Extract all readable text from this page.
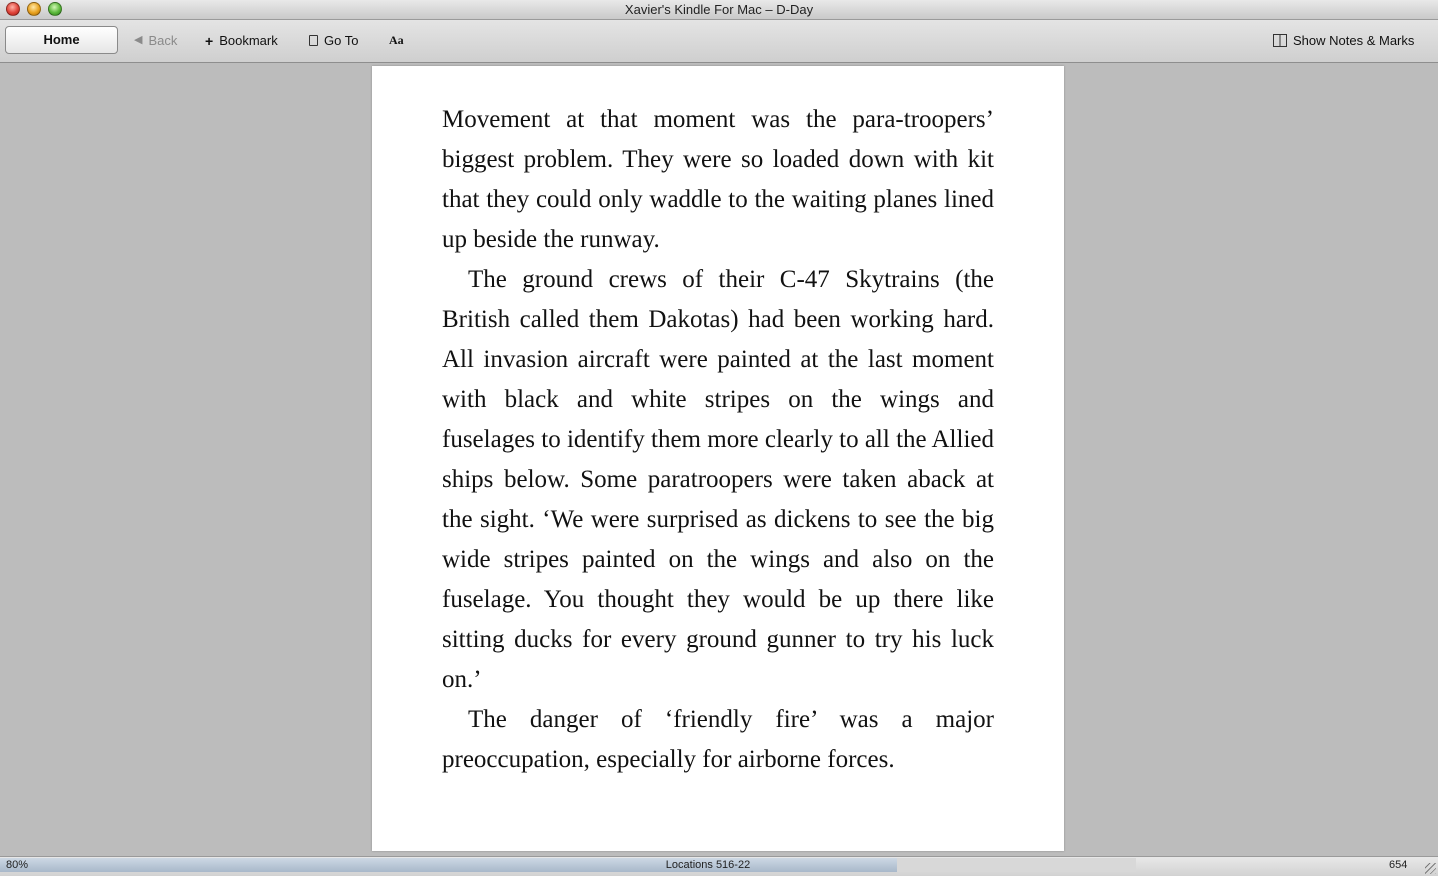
Xavier's Kindle For Mac – D-Day
Home	◀ Back + Bookmark	Go To	Aa	Show Notes & Marks

Movement at that moment was the para-troopers’ biggest problem. They were so loaded down with kit that they could only waddle to the waiting planes lined up beside the runway.

The ground crews of their C-47 Skytrains (the British called them Dakotas) had been working hard. All invasion aircraft were painted at the last moment with black and white stripes on the wings and fuselages to identify them more clearly to all the Allied ships below. Some paratroopers were taken aback at the sight. ‘We were surprised as dickens to see the big wide stripes painted on the wings and also on the fuselage. You thought they would be up there like sitting ducks for every ground gunner to try his luck on.’

The danger of ‘friendly fire’ was a major preoccupation, especially for airborne forces.

80%	Locations 516-22	654
